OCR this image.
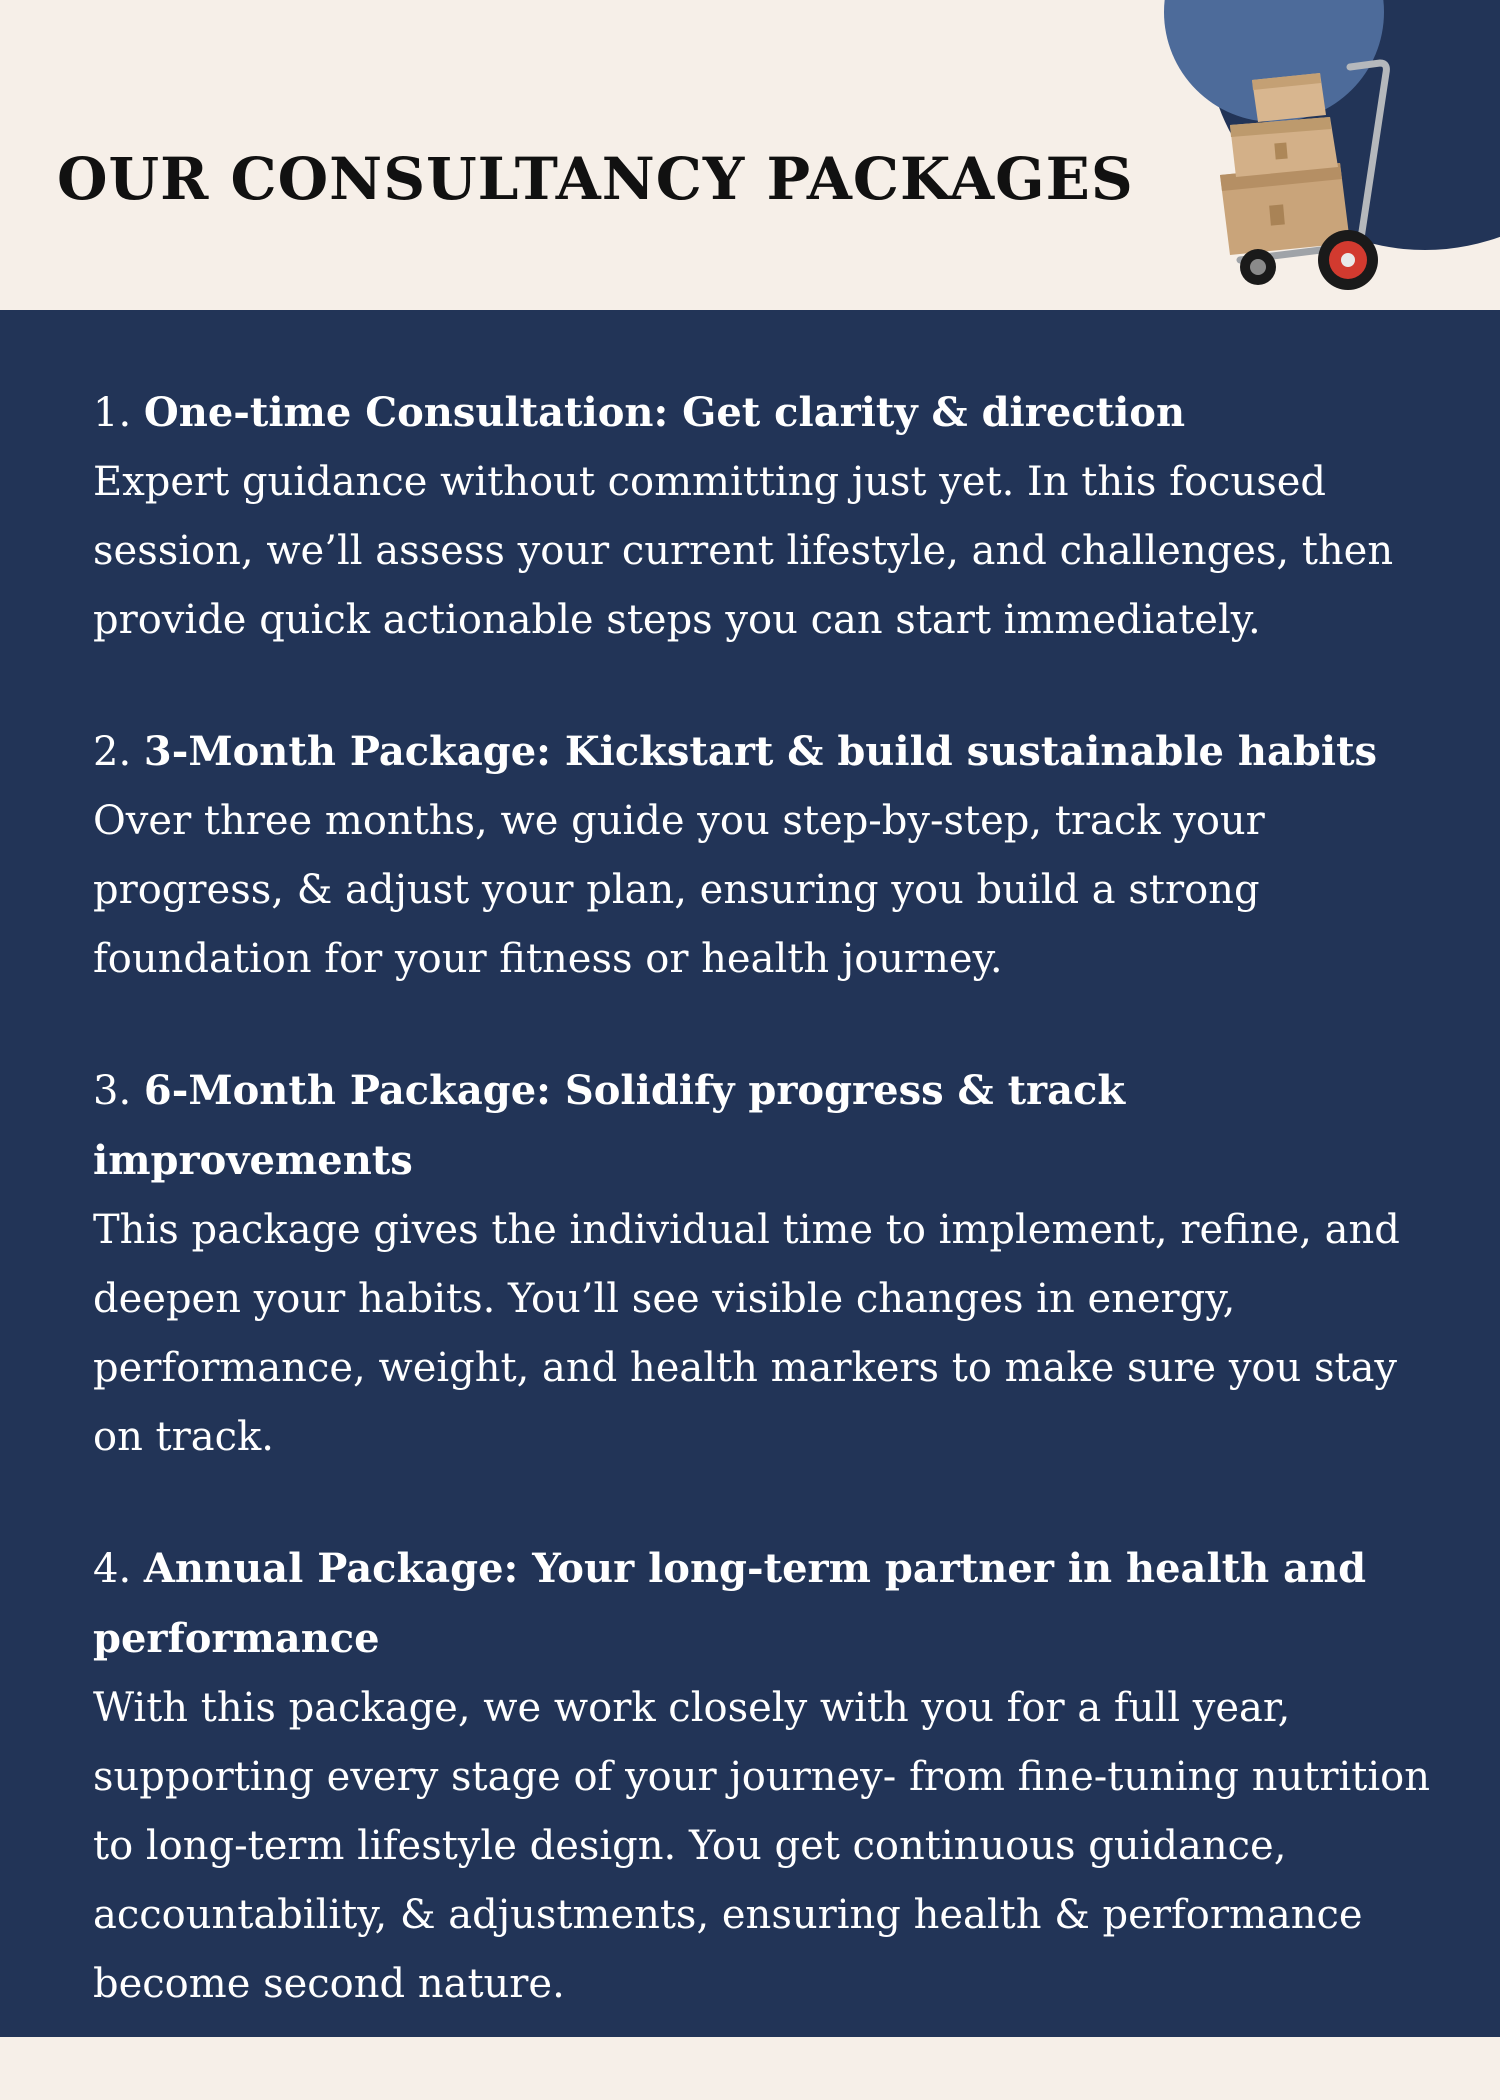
OUR CONSULTANCY PACKAGES
1. One-time Consultation: Get clarity & direction
Expert guidance without committing just yet. In this focused session, we’ll assess your current lifestyle, and challenges, then provide quick actionable steps you can start immediately.
2. 3-Month Package: Kickstart & build sustainable habits
Over three months, we guide you step-by-step, track your progress, & adjust your plan, ensuring you build a strong foundation for your fitness or health journey.
3. 6-Month Package: Solidify progress & track improvements
This package gives the individual time to implement, refine, and deepen your habits. You’ll see visible changes in energy, performance, weight, and health markers to make sure you stay on track.
4. Annual Package: Your long-term partner in health and performance
With this package, we work closely with you for a full year, supporting every stage of your journey- from fine-tuning nutrition to long-term lifestyle design. You get continuous guidance, accountability, & adjustments, ensuring health & performance become second nature.
